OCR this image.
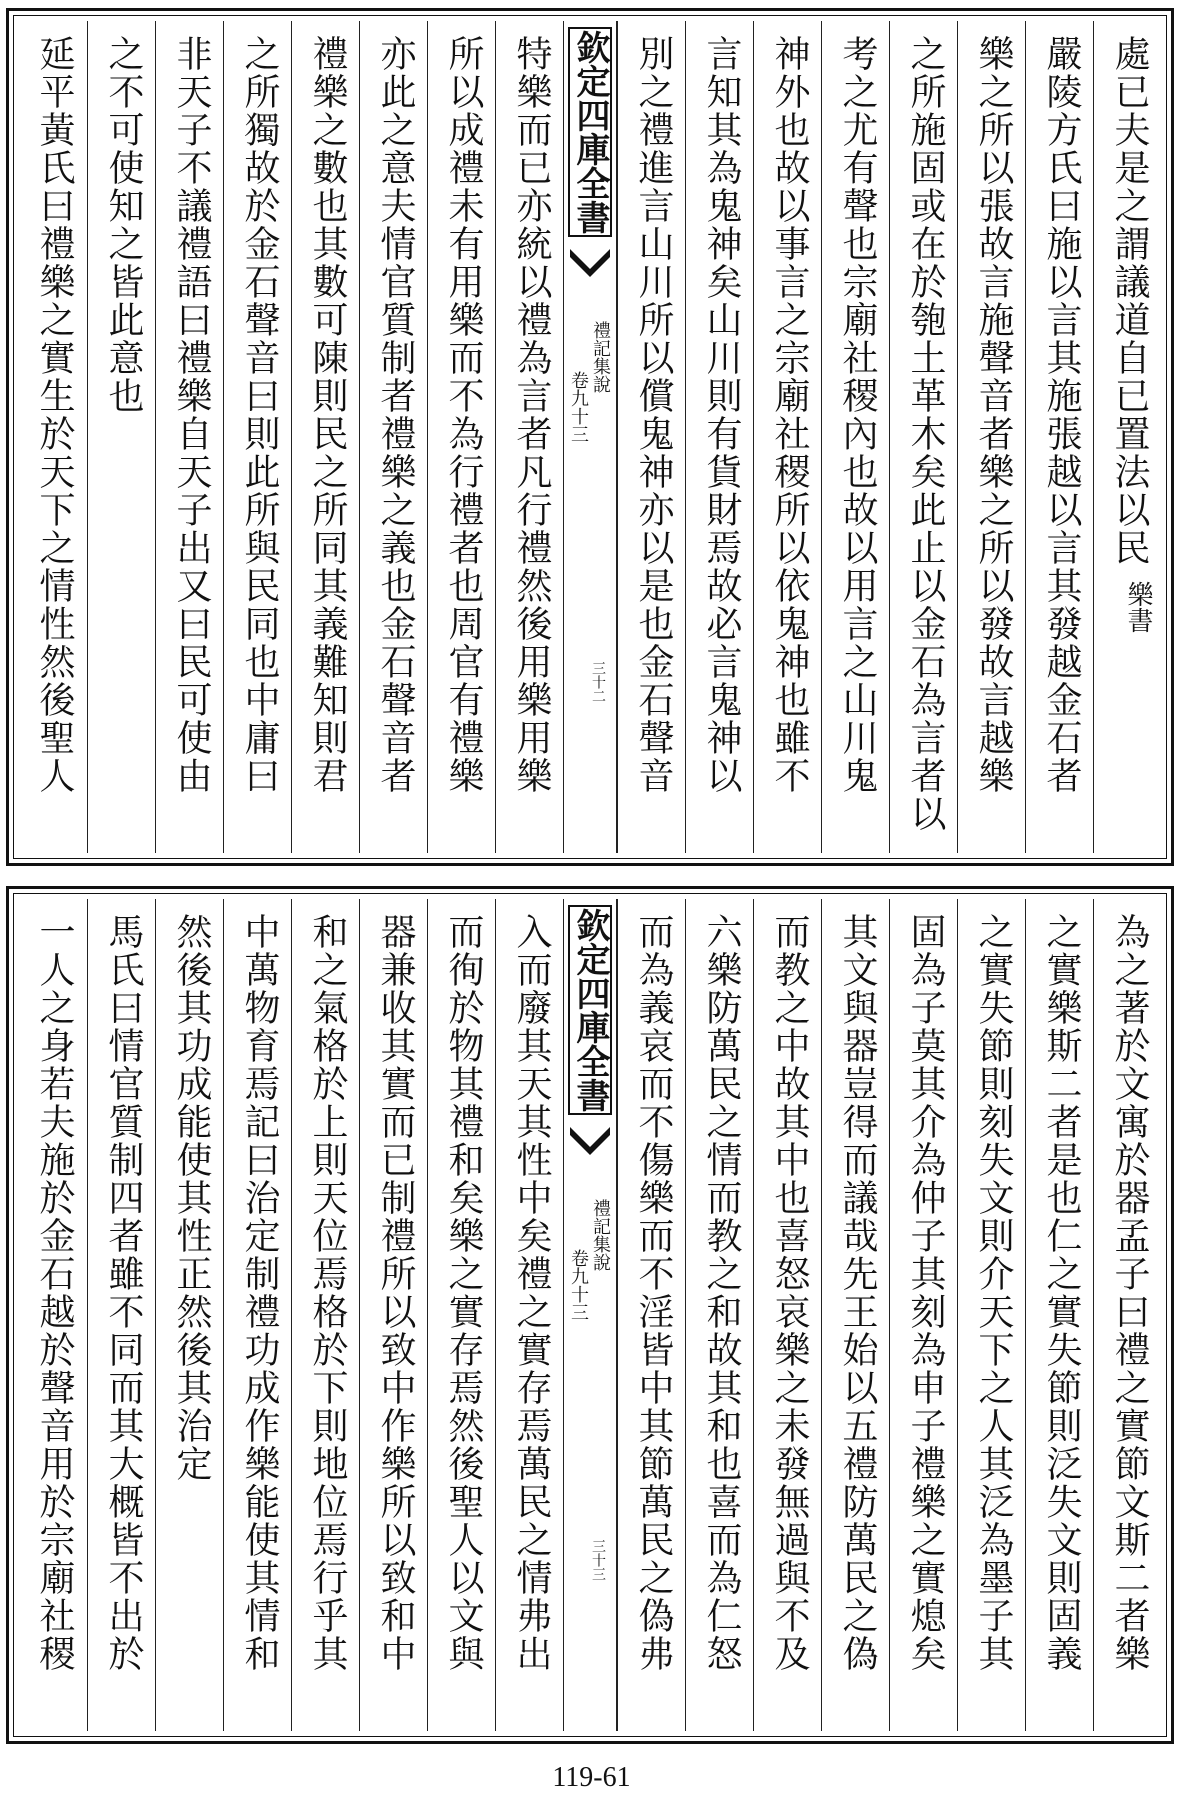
處已夫是之謂議道自已置法以民
樂書
嚴陵方氏曰施以言其施張越以言其發越金石者
樂之所以張故言施聲音者樂之所以發故言越樂
之所施固或在於匏土革木矣此止以金石為言者以
考之尤有聲也宗廟社稷內也故以用言之山川鬼
神外也故以事言之宗廟社稷所以依鬼神也雖不
言知其為鬼神矣山川則有貨財焉故必言鬼神以
別之禮進言山川所以償鬼神亦以是也金石聲音
欽定四庫全書
禮記集說
卷九十三
三十二
特樂而已亦統以禮為言者凡行禮然後用樂用樂
所以成禮未有用樂而不為行禮者也周官有禮樂
亦此之意夫情官質制者禮樂之義也金石聲音者
禮樂之數也其數可陳則民之所同其義難知則君
之所獨故於金石聲音曰則此所與民同也中庸曰
非天子不議禮語曰禮樂自天子出又曰民可使由
之不可使知之皆此意也
延平黃氏曰禮樂之實生於天下之情性然後聖人
為之著於文寓於器孟子曰禮之實節文斯二者樂
之實樂斯二者是也仁之實失節則泛失文則固義
之實失節則刻失文則介天下之人其泛為墨子其
固為子莫其介為仲子其刻為申子禮樂之實熄矣
其文與器豈得而議哉先王始以五禮防萬民之偽
而教之中故其中也喜怒哀樂之未發無過與不及
六樂防萬民之情而教之和故其和也喜而為仁怒
而為義哀而不傷樂而不淫皆中其節萬民之偽弗
欽定四庫全書
禮記集說
卷九十三
三十三
入而廢其天其性中矣禮之實存焉萬民之情弗出
而徇於物其禮和矣樂之實存焉然後聖人以文與
器兼收其實而已制禮所以致中作樂所以致和中
和之氣格於上則天位焉格於下則地位焉行乎其
中萬物育焉記曰治定制禮功成作樂能使其情和
然後其功成能使其性正然後其治定
馬氏曰情官質制四者雖不同而其大概皆不出於
一人之身若夫施於金石越於聲音用於宗廟社稷
119-61
